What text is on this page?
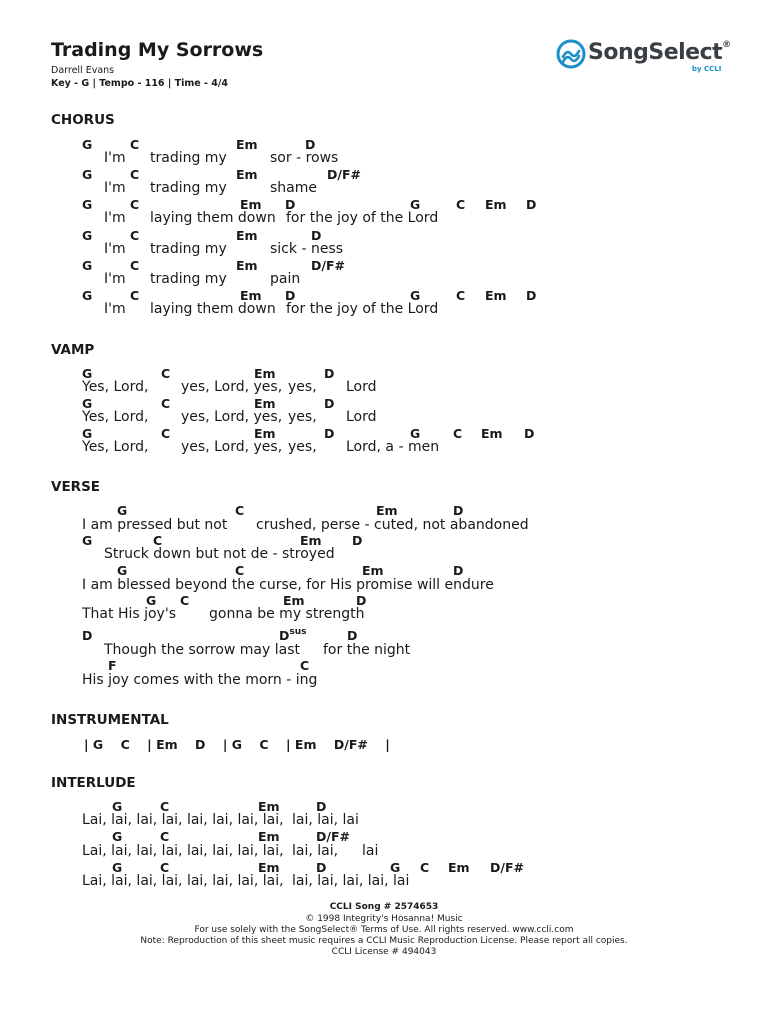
Trading My Sorrows
Darrell Evans
Key - G | Tempo - 116 | Time - 4/4
SongSelect®
by CCLI
CHORUS
G	C	Em	D
I'm trading my	sor - rows
G	C	Em	D/F#
I'm trading my	shame
G	C	Em D	G	C Em D
I'm laying them down for the joy of the Lord
G	C	Em	D
I'm trading my	sick - ness
G	C	Em	D/F#
I'm trading my	pain
G	C	Em D	G	C Em D
I'm laying them down for the joy of the Lord
VAMP
G	C	Em	D
Yes, Lord, yes, Lord, yes, yes, Lord
G	C	Em	D
Yes, Lord, yes, Lord, yes, yes, Lord
G	C	Em	D	G	C Em D
Yes, Lord, yes, Lord, yes, yes, Lord, a - men
VERSE
G	C	Em	D
I am pressed but not crushed, perse - cuted, not abandoned
G	C	Em D
Struck down but not de - stroyed
G	C	Em	D
I am blessed beyond the curse, for His promise will endure
G C	Em	D
That His joy's gonna be my strength
D	$D^{sus}$	D
Though the sorrow may last for the night
F	C
His joy comes with the morn - ing
INSTRUMENTAL
| G    C    | Em    D    | G    C    | Em    D/F#    |
INTERLUDE
G	C	Em	D
Lai, lai, lai, lai, lai, lai, lai, lai, lai, lai, lai
G	C	Em	D/F#
Lai, lai, lai, lai, lai, lai, lai, lai, lai, lai, lai
G	C	Em	D	G C Em D/F#
Lai, lai, lai, lai, lai, lai, lai, lai, lai, lai, lai, lai, lai
CCLI Song # 2574653
© 1998 Integrity's Hosanna! Music
For use solely with the SongSelect® Terms of Use. All rights reserved. www.ccli.com
Note: Reproduction of this sheet music requires a CCLI Music Reproduction License. Please report all copies.
CCLI License # 494043
